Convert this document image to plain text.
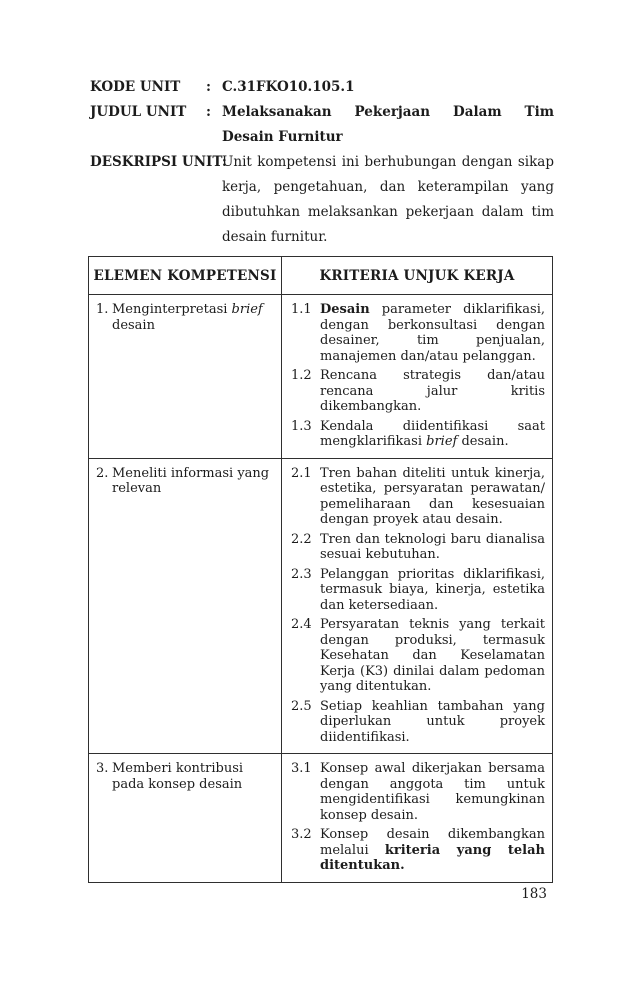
KODE UNIT	: C.31FKO10.105.1
JUDUL UNIT	: Melaksanakan Pekerjaan Dalam Tim Desain Furnitur
DESKRIPSI UNIT:
Unit kompetensi ini berhubungan dengan sikap kerja, pengetahuan, dan keterampilan yang dibutuhkan melaksankan pekerjaan dalam tim desain furnitur.
ELEMEN KOMPETENSI	KRITERIA UNJUK KERJA

1. Menginterpretasi brief desain

1.1 Desain parameter diklarifikasi, dengan berkonsultasi dengan desainer, tim penjualan, manajemen dan/atau pelanggan.
1.2 Rencana strategis dan/atau rencana jalur kritis dikembangkan.
1.3 Kendala diidentifikasi saat mengklarifikasi brief desain.

2. Meneliti informasi yang relevan

2.1 Tren bahan diteliti untuk kinerja, estetika, persyaratan perawatan/ pemeliharaan dan kesesuaian dengan proyek atau desain.
2.2 Tren dan teknologi baru dianalisa sesuai kebutuhan.
2.3 Pelanggan prioritas diklarifikasi, termasuk biaya, kinerja, estetika dan ketersediaan.
2.4 Persyaratan teknis yang terkait dengan produksi, termasuk Kesehatan dan Keselamatan Kerja (K3) dinilai dalam pedoman yang ditentukan.
2.5 Setiap keahlian tambahan yang diperlukan untuk proyek diidentifikasi.

3. Memberi kontribusi pada konsep desain

3.1 Konsep awal dikerjakan bersama dengan anggota tim untuk mengidentifikasi kemungkinan konsep desain.
3.2 Konsep desain dikembangkan melalui kriteria yang telah ditentukan.
183
